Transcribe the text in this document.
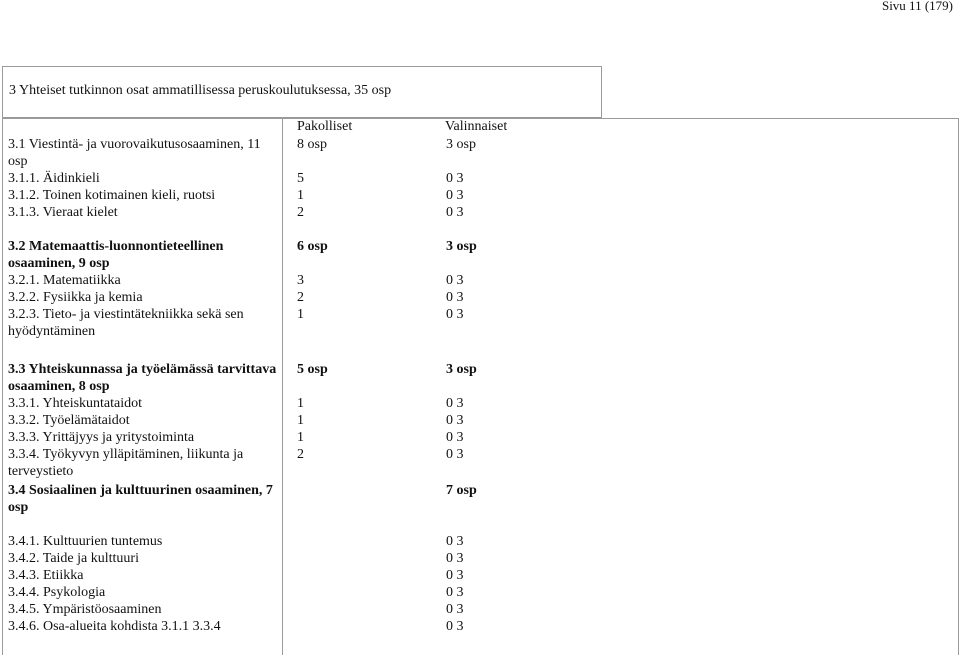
Sivu 11 (179)
3 Yhteiset tutkinnon osat ammatillisessa peruskoulutuksessa, 35 osp
Pakolliset	Valinnaiset
3.1 Viestintä- ja vuorovaikutusosaaminen, 11 osp
3.1.1. Äidinkieli
3.1.2. Toinen kotimainen kieli, ruotsi
3.1.3. Vieraat kielet
8 osp
5
1
2
3 osp
0 3
0 3
0 3
3.2 Matemaattis-luonnontieteellinen osaaminen, 9 osp
3.2.1. Matematiikka
3.2.2. Fysiikka ja kemia
3.2.3. Tieto- ja viestintätekniikka sekä sen hyödyntäminen
6 osp
3
2
1
3 osp
0 3
0 3
0 3
3.3 Yhteiskunnassa ja työelämässä tarvittava osaaminen, 8 osp
3.3.1. Yhteiskuntataidot
3.3.2. Työelämätaidot
3.3.3. Yrittäjyys ja yritystoiminta
3.3.4. Työkyvyn ylläpitäminen, liikunta ja terveystieto
5 osp
1
1
1
2
3 osp
0 3
0 3
0 3
0 3
3.4 Sosiaalinen ja kulttuurinen osaaminen, 7 osp
3.4.1. Kulttuurien tuntemus
3.4.2. Taide ja kulttuuri
3.4.3. Etiikka
3.4.4. Psykologia
3.4.5. Ympäristöosaaminen
3.4.6. Osa-alueita kohdista 3.1.1 3.3.4
7 osp
0 3
0 3
0 3
0 3
0 3
0 3
